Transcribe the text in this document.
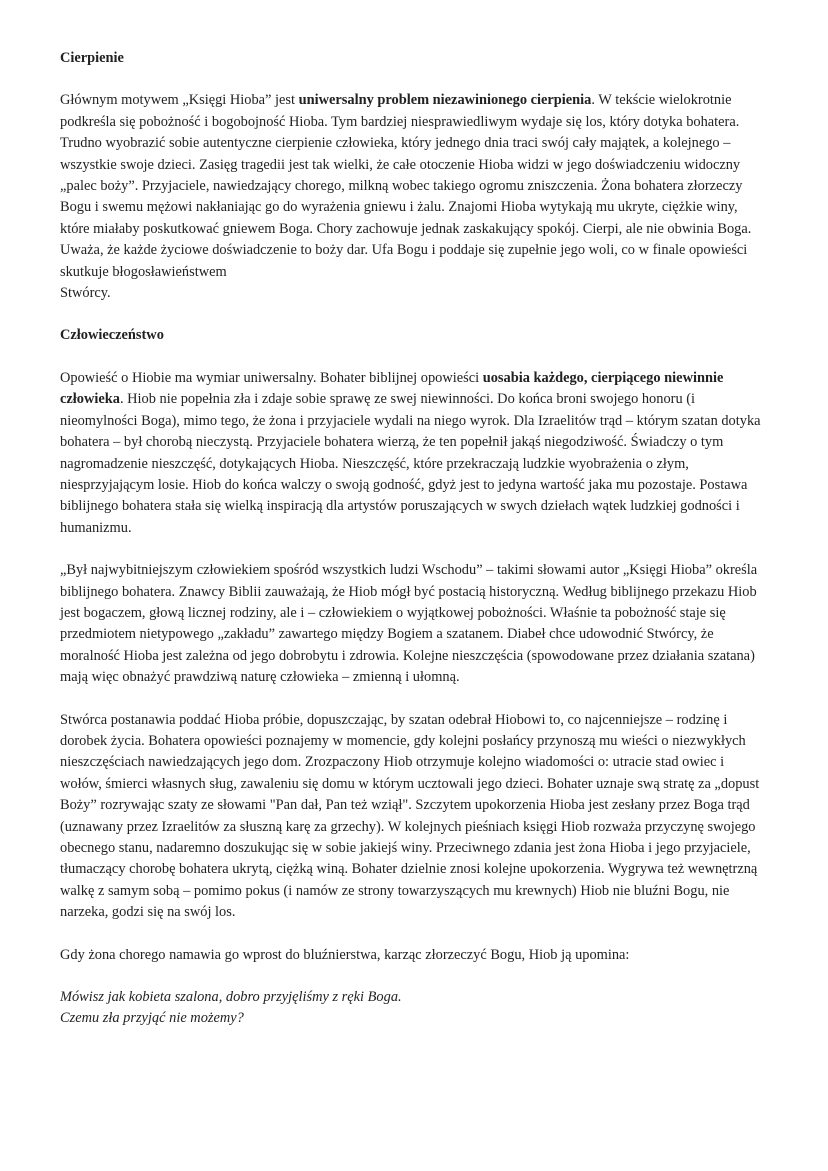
Cierpienie

Głównym motywem „Księgi Hioba” jest uniwersalny problem niezawinionego cierpienia. W tekście wielokrotnie podkreśla się pobożność i bogobojność Hioba. Tym bardziej niesprawiedliwym wydaje się los, który dotyka bohatera. Trudno wyobrazić sobie autentyczne cierpienie człowieka, który jednego dnia traci swój cały majątek, a kolejnego – wszystkie swoje dzieci. Zasięg tragedii jest tak wielki, że całe otoczenie Hioba widzi w jego doświadczeniu widoczny „palec boży”. Przyjaciele, nawiedzający chorego, milkną wobec takiego ogromu zniszczenia. Żona bohatera złorzeczy Bogu i swemu mężowi nakłaniając go do wyrażenia gniewu i żalu. Znajomi Hioba wytykają mu ukryte, ciężkie winy, które miałaby poskutkować gniewem Boga. Chory zachowuje jednak zaskakujący spokój. Cierpi, ale nie obwinia Boga. Uważa, że każde życiowe doświadczenie to boży dar. Ufa Bogu i poddaje się zupełnie jego woli, co w finale opowieści skutkuje błogosławieństwem
Stwórcy.

Człowieczeństwo

Opowieść o Hiobie ma wymiar uniwersalny. Bohater biblijnej opowieści uosabia każdego, cierpiącego niewinnie człowieka. Hiob nie popełnia zła i zdaje sobie sprawę ze swej niewinności. Do końca broni swojego honoru (i nieomylności Boga), mimo tego, że żona i przyjaciele wydali na niego wyrok. Dla Izraelitów trąd – którym szatan dotyka bohatera – był chorobą nieczystą. Przyjaciele bohatera wierzą, że ten popełnił jakąś niegodziwość. Świadczy o tym nagromadzenie nieszczęść, dotykających Hioba. Nieszczęść, które przekraczają ludzkie wyobrażenia o złym, niesprzyjającym losie. Hiob do końca walczy o swoją godność, gdyż jest to jedyna wartość jaka mu pozostaje. Postawa biblijnego bohatera stała się wielką inspiracją dla artystów poruszających w swych dziełach wątek ludzkiej godności i humanizmu.

„Był najwybitniejszym człowiekiem spośród wszystkich ludzi Wschodu” – takimi słowami autor „Księgi Hioba” określa biblijnego bohatera. Znawcy Biblii zauważają, że Hiob mógł być postacią historyczną. Według biblijnego przekazu Hiob jest bogaczem, głową licznej rodziny, ale i – człowiekiem o wyjątkowej pobożności. Właśnie ta pobożność staje się przedmiotem nietypowego „zakładu” zawartego między Bogiem a szatanem. Diabeł chce udowodnić Stwórcy, że moralność Hioba jest zależna od jego dobrobytu i zdrowia. Kolejne nieszczęścia (spowodowane przez działania szatana) mają więc obnażyć prawdziwą naturę człowieka – zmienną i ułomną.

Stwórca postanawia poddać Hioba próbie, dopuszczając, by szatan odebrał Hiobowi to, co najcenniejsze – rodzinę i dorobek życia. Bohatera opowieści poznajemy w momencie, gdy kolejni posłańcy przynoszą mu wieści o niezwykłych nieszczęściach nawiedzających jego dom. Zrozpaczony Hiob otrzymuje kolejno wiadomości o: utracie stad owiec i wołów, śmierci własnych sług, zawaleniu się domu w którym ucztowali jego dzieci. Bohater uznaje swą stratę za „dopust Boży” rozrywając szaty ze słowami "Pan dał, Pan też wziął". Szczytem upokorzenia Hioba jest zesłany przez Boga trąd (uznawany przez Izraelitów za słuszną karę za grzechy). W kolejnych pieśniach księgi Hiob rozważa przyczynę swojego obecnego stanu, nadaremno doszukując się w sobie jakiejś winy. Przeciwnego zdania jest żona Hioba i jego przyjaciele, tłumaczący chorobę bohatera ukrytą, ciężką winą. Bohater dzielnie znosi kolejne upokorzenia. Wygrywa też wewnętrzną walkę z samym sobą – pomimo pokus (i namów ze strony towarzyszących mu krewnych) Hiob nie bluźni Bogu, nie narzeka, godzi się na swój los.

Gdy żona chorego namawia go wprost do bluźnierstwa, karząc złorzeczyć Bogu, Hiob ją upomina:

Mówisz jak kobieta szalona, dobro przyjęliśmy z ręki Boga.
Czemu zła przyjąć nie możemy?
